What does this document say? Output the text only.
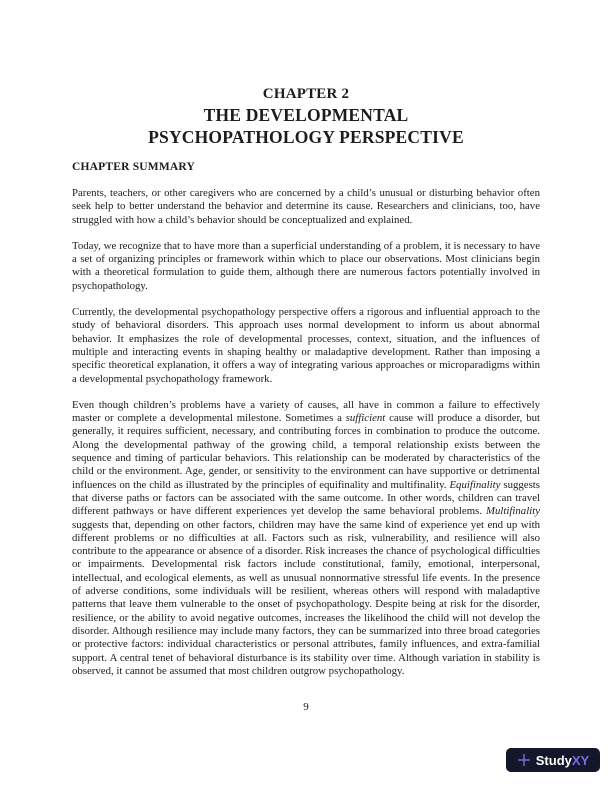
CHAPTER 2

THE DEVELOPMENTAL
PSYCHOPATHOLOGY PERSPECTIVE

CHAPTER SUMMARY

Parents, teachers, or other caregivers who are concerned by a child’s unusual or disturbing behavior often seek help to better understand the behavior and determine its cause. Researchers and clinicians, too, have struggled with how a child’s behavior should be conceptualized and explained.

Today, we recognize that to have more than a superficial understanding of a problem, it is necessary to have a set of organizing principles or framework within which to place our observations. Most clinicians begin with a theoretical formulation to guide them, although there are numerous factors potentially involved in psychopathology.

Currently, the developmental psychopathology perspective offers a rigorous and influential approach to the study of behavioral disorders. This approach uses normal development to inform us about abnormal behavior. It emphasizes the role of developmental processes, context, situation, and the influences of multiple and interacting events in shaping healthy or maladaptive development. Rather than imposing a specific theoretical explanation, it offers a way of integrating various approaches or microparadigms within a developmental psychopathology framework.

Even though children’s problems have a variety of causes, all have in common a failure to effectively master or complete a developmental milestone. Sometimes a sufficient cause will produce a disorder, but generally, it requires sufficient, necessary, and contributing forces in combination to produce the outcome. Along the developmental pathway of the growing child, a temporal relationship exists between the sequence and timing of particular behaviors. This relationship can be moderated by characteristics of the child or the environment. Age, gender, or sensitivity to the environment can have supportive or detrimental influences on the child as illustrated by the principles of equifinality and multifinality. Equifinality suggests that diverse paths or factors can be associated with the same outcome. In other words, children can travel different pathways or have different experiences yet develop the same behavioral problems. Multifinality suggests that, depending on other factors, children may have the same kind of experience yet end up with different problems or no difficulties at all. Factors such as risk, vulnerability, and resilience will also contribute to the appearance or absence of a disorder. Risk increases the chance of psychological difficulties or impairments. Developmental risk factors include constitutional, family, emotional, interpersonal, intellectual, and ecological elements, as well as unusual nonnormative stressful life events. In the presence of adverse conditions, some individuals will be resilient, whereas others will respond with maladaptive patterns that leave them vulnerable to the onset of psychopathology. Despite being at risk for the disorder, resilience, or the ability to avoid negative outcomes, increases the likelihood the child will not develop the disorder. Although resilience may include many factors, they can be summarized into three broad categories or protective factors: individual characteristics or personal attributes, family influences, and extra-familial support. A central tenet of behavioral disturbance is its stability over time. Although variation in stability is observed, it cannot be assumed that most children outgrow psychopathology.

9
StudyXY
